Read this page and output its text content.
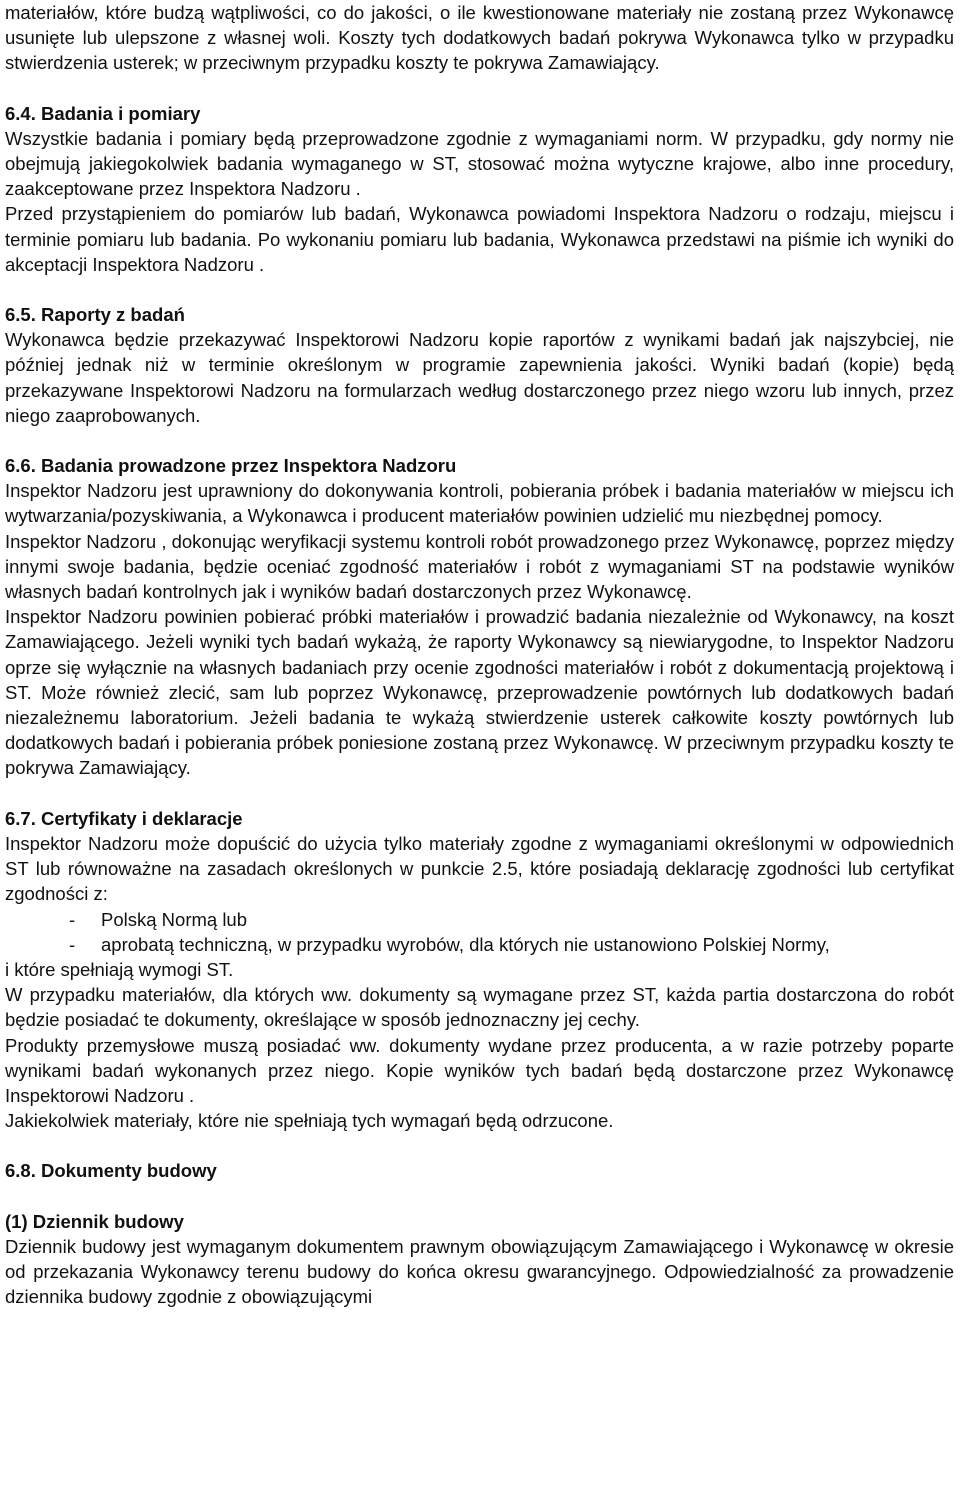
materiałów, które budzą wątpliwości, co do jakości, o ile kwestionowane materiały nie zostaną przez Wykonawcę usunięte lub ulepszone z własnej woli. Koszty tych dodatkowych badań pokrywa Wykonawca tylko w przypadku stwierdzenia usterek; w przeciwnym przypadku koszty te pokrywa Zamawiający.

6.4. Badania i pomiary

Wszystkie badania i pomiary będą przeprowadzone zgodnie z wymaganiami norm. W przypadku, gdy normy nie obejmują jakiegokolwiek badania wymaganego w ST, stosować można wytyczne krajowe, albo inne procedury, zaakceptowane przez Inspektora Nadzoru .

Przed przystąpieniem do pomiarów lub badań, Wykonawca powiadomi Inspektora Nadzoru o rodzaju, miejscu i terminie pomiaru lub badania. Po wykonaniu pomiaru lub badania, Wykonawca przedstawi na piśmie ich wyniki do akceptacji Inspektora Nadzoru .

6.5. Raporty z badań

Wykonawca będzie przekazywać Inspektorowi Nadzoru kopie raportów z wynikami badań jak najszybciej, nie później jednak niż w terminie określonym w programie zapewnienia jakości. Wyniki badań (kopie) będą przekazywane Inspektorowi Nadzoru na formularzach według dostarczonego przez niego wzoru lub innych, przez niego zaaprobowanych.

6.6. Badania prowadzone przez Inspektora Nadzoru

Inspektor Nadzoru jest uprawniony do dokonywania kontroli, pobierania próbek i badania materiałów w miejscu ich wytwarzania/pozyskiwania, a Wykonawca i producent materiałów powinien udzielić mu niezbędnej pomocy.

Inspektor Nadzoru , dokonując weryfikacji systemu kontroli robót prowadzonego przez Wykonawcę, poprzez między innymi swoje badania, będzie oceniać zgodność materiałów i robót z wymaganiami ST na podstawie wyników własnych badań kontrolnych jak i wyników badań dostarczonych przez Wykonawcę.

Inspektor Nadzoru powinien pobierać próbki materiałów i prowadzić badania niezależnie od Wykonawcy, na koszt Zamawiającego. Jeżeli wyniki tych badań wykażą, że raporty Wykonawcy są niewiarygodne, to Inspektor Nadzoru oprze się wyłącznie na własnych badaniach przy ocenie zgodności materiałów i robót z dokumentacją projektową i ST. Może również zlecić, sam lub poprzez Wykonawcę, przeprowadzenie powtórnych lub dodatkowych badań niezależnemu laboratorium. Jeżeli badania te wykażą stwierdzenie usterek całkowite koszty powtórnych lub dodatkowych badań i pobierania próbek poniesione zostaną przez Wykonawcę. W przeciwnym przypadku koszty te pokrywa Zamawiający.

6.7. Certyfikaty i deklaracje

Inspektor Nadzoru może dopuścić do użycia tylko materiały zgodne z wymaganiami określonymi w odpowiednich ST lub równoważne na zasadach określonych w punkcie 2.5, które posiadają deklarację zgodności lub certyfikat zgodności z:

-	Polską Normą lub
-	aprobatą techniczną, w przypadku wyrobów, dla których nie ustanowiono Polskiej Normy,

i które spełniają wymogi ST.

W przypadku materiałów, dla których ww. dokumenty są wymagane przez ST, każda partia dostarczona do robót będzie posiadać te dokumenty, określające w sposób jednoznaczny jej cechy.

Produkty przemysłowe muszą posiadać ww. dokumenty wydane przez producenta, a w razie potrzeby poparte wynikami badań wykonanych przez niego. Kopie wyników tych badań będą dostarczone przez Wykonawcę Inspektorowi Nadzoru .

Jakiekolwiek materiały, które nie spełniają tych wymagań będą odrzucone.

6.8. Dokumenty budowy
(1) Dziennik budowy

Dziennik budowy jest wymaganym dokumentem prawnym obowiązującym Zamawiającego i Wykonawcę w okresie od przekazania Wykonawcy terenu budowy do końca okresu gwarancyjnego. Odpowiedzialność za prowadzenie dziennika budowy zgodnie z obowiązującymi
